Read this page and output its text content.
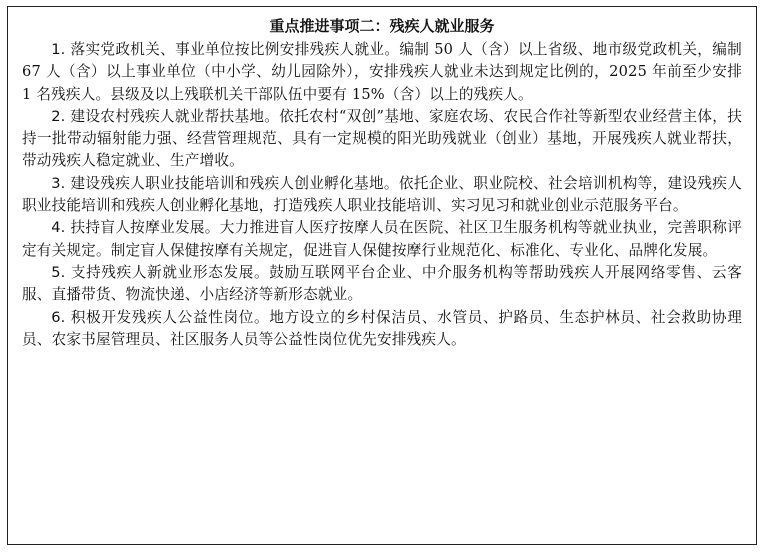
重点推进事项二：残疾人就业服务

1. 落实党政机关、事业单位按比例安排残疾人就业。编制 50 人（含）以上省级、地市级党政机关，编制 67 人（含）以上事业单位（中小学、幼儿园除外），安排残疾人就业未达到规定比例的，2025 年前至少安排 1 名残疾人。县级及以上残联机关干部队伍中要有 15%（含）以上的残疾人。

2. 建设农村残疾人就业帮扶基地。依托农村“双创”基地、家庭农场、农民合作社等新型农业经营主体，扶持一批带动辐射能力强、经营管理规范、具有一定规模的阳光助残就业（创业）基地，开展残疾人就业帮扶，带动残疾人稳定就业、生产增收。

3. 建设残疾人职业技能培训和残疾人创业孵化基地。依托企业、职业院校、社会培训机构等，建设残疾人职业技能培训和残疾人创业孵化基地，打造残疾人职业技能培训、实习见习和就业创业示范服务平台。

4. 扶持盲人按摩业发展。大力推进盲人医疗按摩人员在医院、社区卫生服务机构等就业执业，完善职称评定有关规定。制定盲人保健按摩有关规定，促进盲人保健按摩行业规范化、标准化、专业化、品牌化发展。

5. 支持残疾人新就业形态发展。鼓励互联网平台企业、中介服务机构等帮助残疾人开展网络零售、云客服、直播带货、物流快递、小店经济等新形态就业。

6. 积极开发残疾人公益性岗位。地方设立的乡村保洁员、水管员、护路员、生态护林员、社会救助协理员、农家书屋管理员、社区服务人员等公益性岗位优先安排残疾人。
